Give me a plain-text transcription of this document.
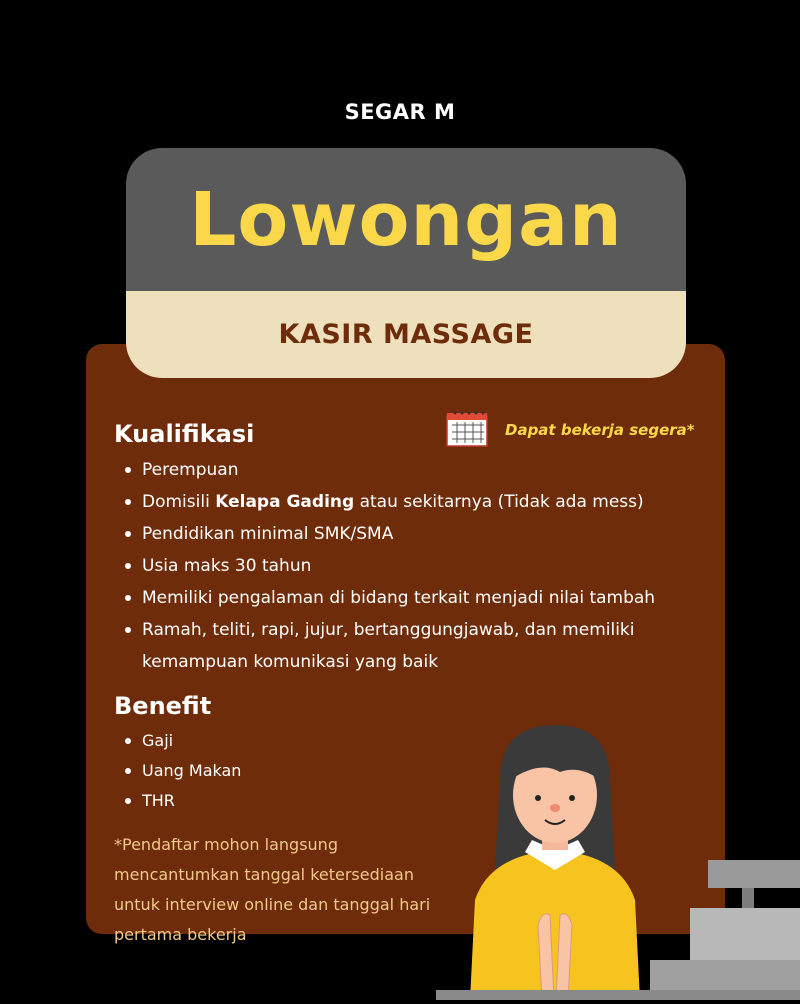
SEGAR M
Lowongan
KASIR MASSAGE
Dapat bekerja segera*
Kualifikasi
Perempuan
Domisili Kelapa Gading atau sekitarnya (Tidak ada mess)
Pendidikan minimal SMK/SMA
Usia maks 30 tahun
Memiliki pengalaman di bidang terkait menjadi nilai tambah
Ramah, teliti, rapi, jujur, bertanggungjawab, dan memiliki kemampuan komunikasi yang baik
Benefit
Gaji
Uang Makan
THR
*Pendaftar mohon langsung mencantumkan tanggal ketersediaan untuk interview online dan tanggal hari pertama bekerja
